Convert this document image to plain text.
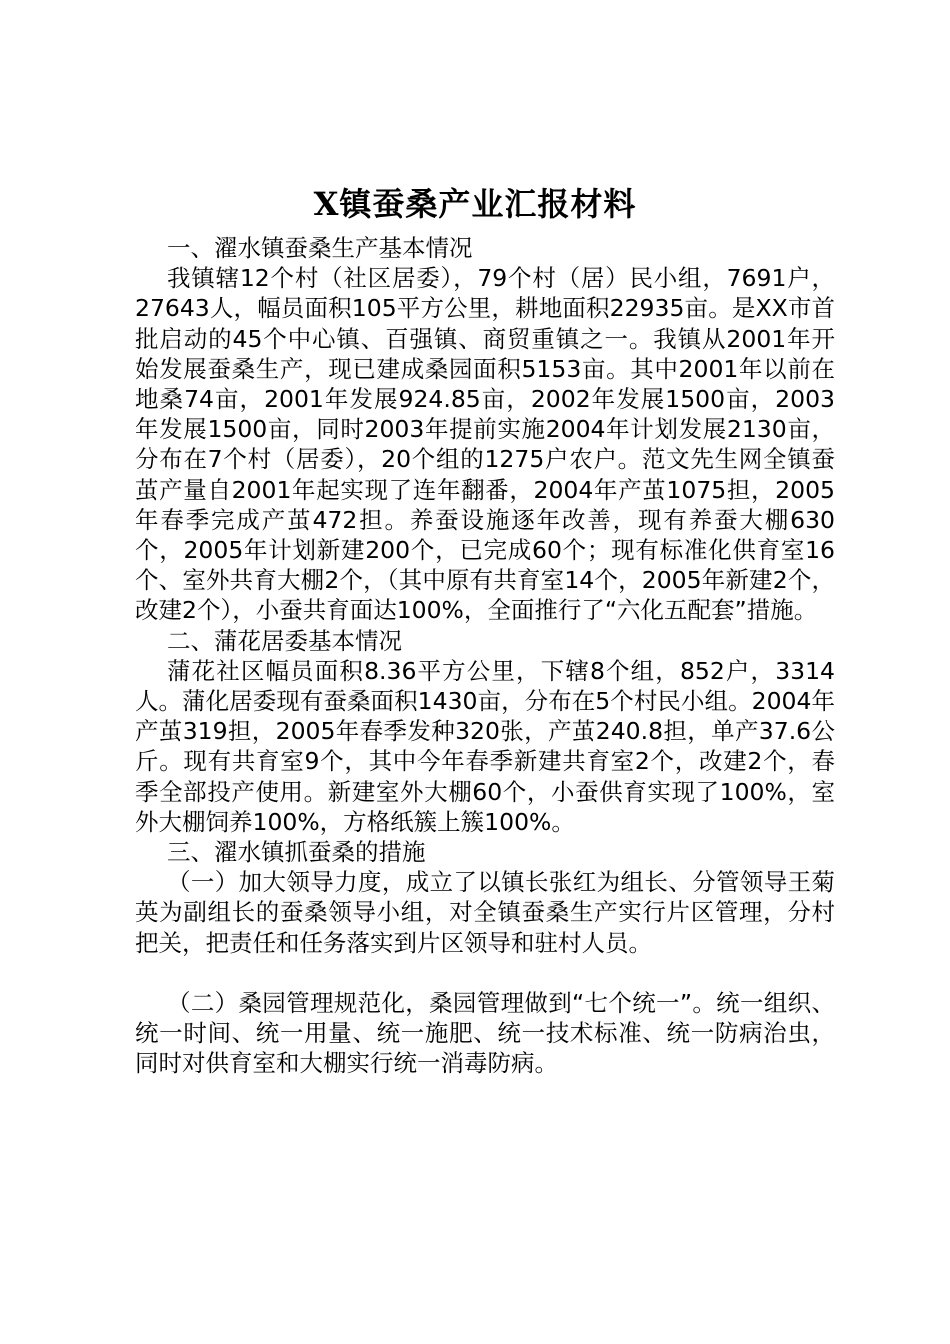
X镇蚕桑产业汇报材料

一、濯水镇蚕桑生产基本情况

我镇辖12个村（社区居委），79个村（居）民小组，7691户，27643人，幅员面积105平方公里，耕地面积22935亩。是XX市首批启动的45个中心镇、百强镇、商贸重镇之一。我镇从2001年开始发展蚕桑生产，现已建成桑园面积5153亩。其中2001年以前在地桑74亩，2001年发展924.85亩，2002年发展1500亩，2003年发展1500亩，同时2003年提前实施2004年计划发展2130亩，分布在7个村（居委），20个组的1275户农户。范文先生网全镇蚕茧产量自2001年起实现了连年翻番，2004年产茧1075担，2005年春季完成产茧472担。养蚕设施逐年改善，现有养蚕大棚630个，2005年计划新建200个，已完成60个；现有标准化供育室16个、室外共育大棚2个，（其中原有共育室14个，2005年新建2个，改建2个），小蚕共育面达100%，全面推行了“六化五配套”措施。

二、蒲花居委基本情况

蒲花社区幅员面积8.36平方公里，下辖8个组，852户，3314人。蒲化居委现有蚕桑面积1430亩，分布在5个村民小组。2004年产茧319担，2005年春季发种320张，产茧240.8担，单产37.6公斤。现有共育室9个，其中今年春季新建共育室2个，改建2个，春季全部投产使用。新建室外大棚60个，小蚕供育实现了100%，室外大棚饲养100%，方格纸簇上簇100%。

三、濯水镇抓蚕桑的措施

（一）加大领导力度，成立了以镇长张红为组长、分管领导王菊英为副组长的蚕桑领导小组，对全镇蚕桑生产实行片区管理，分村把关，把责任和任务落实到片区领导和驻村人员。

（二）桑园管理规范化，桑园管理做到“七个统一”。统一组织、统一时间、统一用量、统一施肥、统一技术标准、统一防病治虫，同时对供育室和大棚实行统一消毒防病。
